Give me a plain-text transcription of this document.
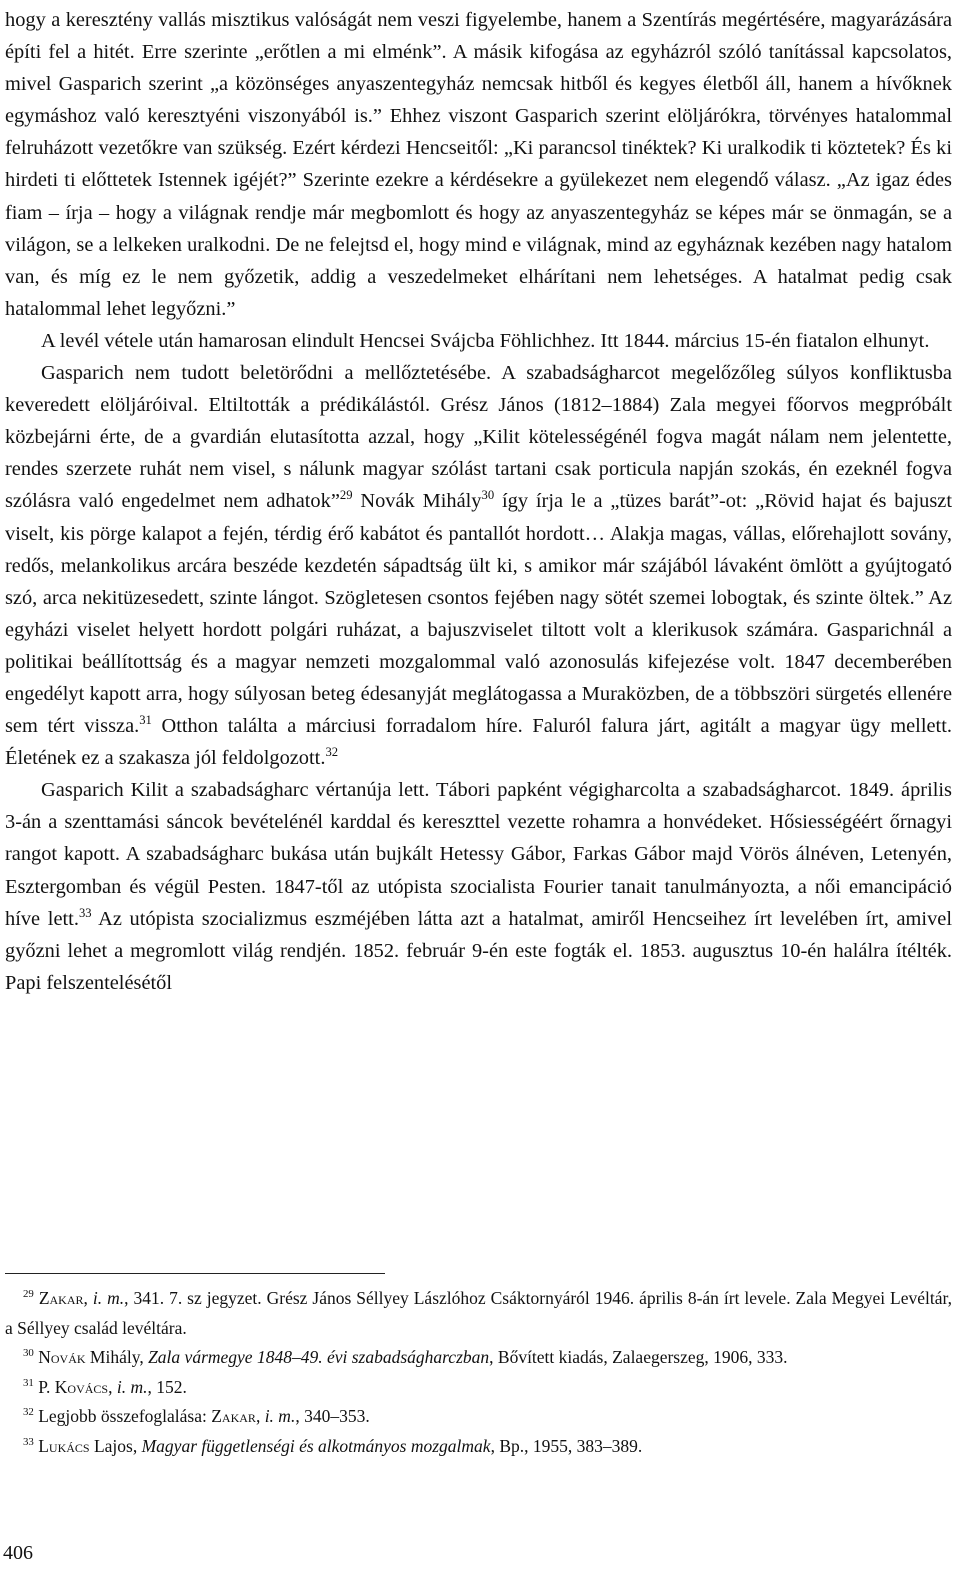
hogy a keresztény vallás misztikus valóságát nem veszi figyelembe, hanem a Szentírás megértésére, magyarázására építi fel a hitét. Erre szerinte „erőtlen a mi elménk”. A másik kifogása az egyházról szóló tanítással kapcsolatos, mivel Gasparich szerint „a közönséges anyaszentegyház nemcsak hitből és kegyes életből áll, hanem a hívőknek egymáshoz való keresztyéni viszonyából is.” Ehhez viszont Gasparich szerint elöljárókra, törvényes hatalommal felruházott vezetőkre van szükség. Ezért kérdezi Hencseitől: „Ki parancsol tinéktek? Ki uralkodik ti köztetek? És ki hirdeti ti előttetek Istennek igéjét?” Szerinte ezekre a kérdésekre a gyülekezet nem elegendő válasz. „Az igaz édes fiam – írja – hogy a világnak rendje már megbomlott és hogy az anyaszentegyház se képes már se önmagán, se a világon, se a lelkeken uralkodni. De ne felejtsd el, hogy mind e világnak, mind az egyháznak kezében nagy hatalom van, és míg ez le nem győzetik, addig a veszedelmeket elhárítani nem lehetséges. A hatalmat pedig csak hatalommal lehet legyőzni.”

A levél vétele után hamarosan elindult Hencsei Svájcba Föhlichhez. Itt 1844. március 15-én fiatalon elhunyt.

Gasparich nem tudott beletörődni a mellőztetésébe. A szabadságharcot megelőzőleg súlyos konfliktusba keveredett elöljáróival. Eltiltották a prédikálástól. Grész János (1812–1884) Zala megyei főorvos megpróbált közbejárni érte, de a gvardián elutasította azzal, hogy „Kilit kötelességénél fogva magát nálam nem jelentette, rendes szerzete ruhát nem visel, s nálunk magyar szólást tartani csak porticula napján szokás, én ezeknél fogva szólásra való engedelmet nem adhatok”$^{29}$ Novák Mihály$^{30}$ így írja le a „tüzes barát”-ot: „Rövid hajat és bajuszt viselt, kis pörge kalapot a fején, térdig érő kabátot és pantallót hordott… Alakja magas, vállas, előrehajlott sovány, redős, melankolikus arcára beszéde kezdetén sápadtság ült ki, s amikor már szájából lávaként ömlött a gyújtogató szó, arca nekitüzesedett, szinte lángot. Szögletesen csontos fejében nagy sötét szemei lobogtak, és szinte öltek.” Az egyházi viselet helyett hordott polgári ruházat, a bajuszviselet tiltott volt a klerikusok számára. Gasparichnál a politikai beállítottság és a magyar nemzeti mozgalommal való azonosulás kifejezése volt. 1847 decemberében engedélyt kapott arra, hogy súlyosan beteg édesanyját meglátogassa a Muraközben, de a többszöri sürgetés ellenére sem tért vissza.$^{31}$ Otthon találta a márciusi forradalom híre. Faluról falura járt, agitált a magyar ügy mellett. Életének ez a szakasza jól feldolgozott.$^{32}$

Gasparich Kilit a szabadságharc vértanúja lett. Tábori papként végigharcolta a szabadságharcot. 1849. április 3-án a szenttamási sáncok bevételénél karddal és kereszttel vezette rohamra a honvédeket. Hősiességéért őrnagyi rangot kapott. A szabadságharc bukása után bujkált Hetessy Gábor, Farkas Gábor majd Vörös álnéven, Letenyén, Esztergomban és végül Pesten. 1847-től az utópista szocialista Fourier tanait tanulmányozta, a női emancipáció híve lett.$^{33}$ Az utópista szocializmus eszméjében látta azt a hatalmat, amiről Hencseihez írt levelében írt, amivel győzni lehet a megromlott világ rendjén. 1852. február 9-én este fogták el. 1853. augusztus 10-én halálra ítélték. Papi felszentelésétől

$^{29}$ Zakar, i. m., 341. 7. sz jegyzet. Grész János Séllyey Lászlóhoz Csáktornyáról 1946. április 8-án írt levele. Zala Megyei Levéltár, a Séllyey család levéltára.

$^{30}$ Novák Mihály, Zala vármegye 1848–49. évi szabadságharczban, Bővített kiadás, Zalaegerszeg, 1906, 333.

$^{31}$ P. Kovács, i. m., 152.

$^{32}$ Legjobb összefoglalása: Zakar, i. m., 340–353.

$^{33}$ Lukács Lajos, Magyar függetlenségi és alkotmányos mozgalmak, Bp., 1955, 383–389.

406
